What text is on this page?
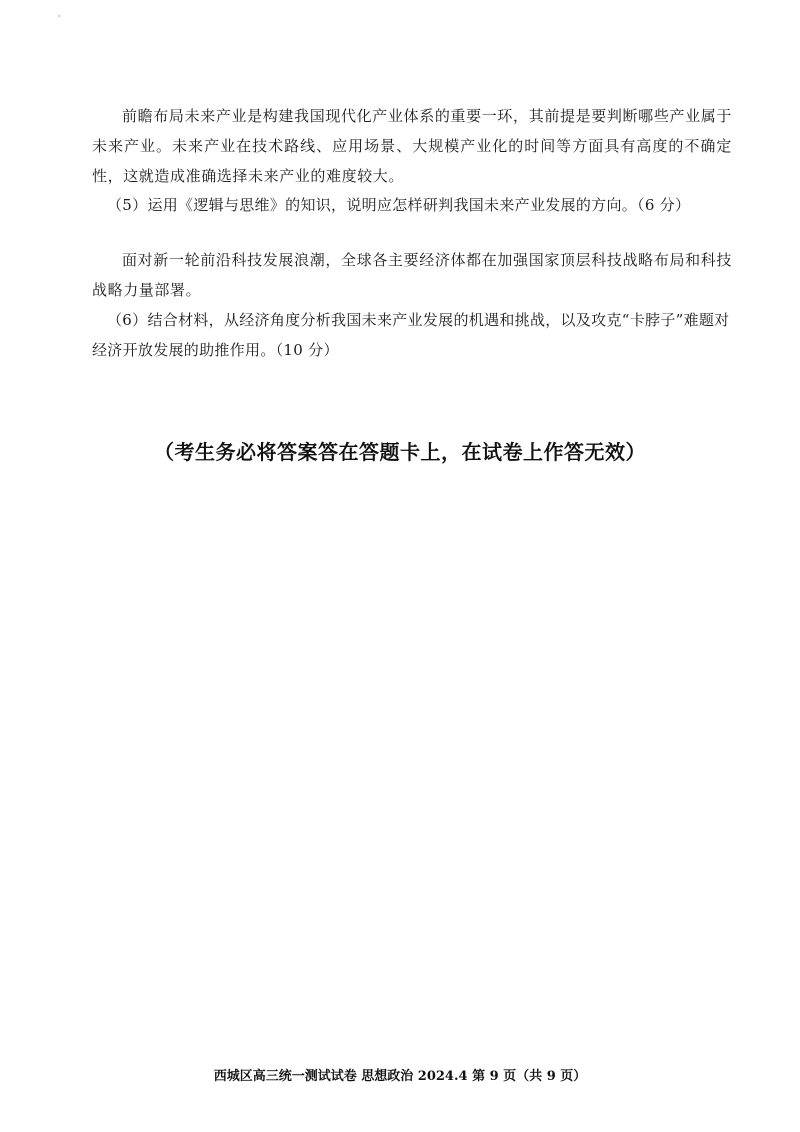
'

前瞻布局未来产业是构建我国现代化产业体系的重要一环，其前提是要判断哪些产业属于未来产业。未来产业在技术路线、应用场景、大规模产业化的时间等方面具有高度的不确定性，这就造成准确选择未来产业的难度较大。

（5）运用《逻辑与思维》的知识，说明应怎样研判我国未来产业发展的方向。（6 分）

面对新一轮前沿科技发展浪潮，全球各主要经济体都在加强国家顶层科技战略布局和科技战略力量部署。

（6）结合材料，从经济角度分析我国未来产业发展的机遇和挑战，以及攻克“卡脖子”难题对经济开放发展的助推作用。（10 分）

（考生务必将答案答在答题卡上，在试卷上作答无效）
西城区高三统一测试试卷 思想政治 2024.4 第 9 页（共 9 页）
